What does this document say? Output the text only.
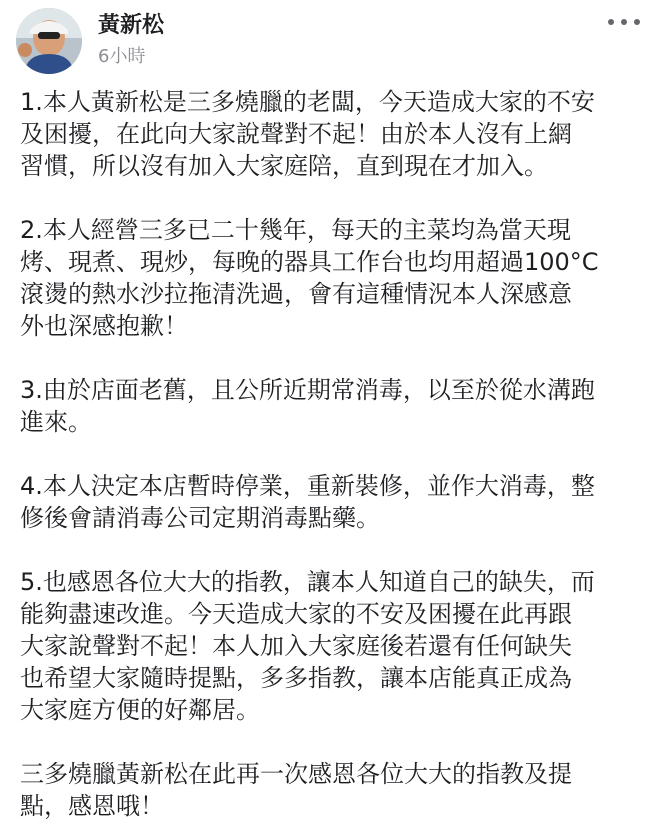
黃新松
6小時
1.本人黃新松是三多燒臘的老闆，今天造成大家的不安
及困擾，在此向大家說聲對不起！由於本人沒有上網
習慣，所以沒有加入大家庭陪，直到現在才加入。
2.本人經營三多已二十幾年，每天的主菜均為當天現
烤、現煮、現炒，每晚的器具工作台也均用超過100°C
滾燙的熱水沙拉拖清洗過，會有這種情況本人深感意
外也深感抱歉！
3.由於店面老舊，且公所近期常消毒，以至於從水溝跑
進來。
4.本人決定本店暫時停業，重新裝修，並作大消毒，整
修後會請消毒公司定期消毒點藥。
5.也感恩各位大大的指教，讓本人知道自己的缺失，而
能夠盡速改進。今天造成大家的不安及困擾在此再跟
大家說聲對不起！本人加入大家庭後若還有任何缺失
也希望大家隨時提點，多多指教，讓本店能真正成為
大家庭方便的好鄰居。
三多燒臘黃新松在此再一次感恩各位大大的指教及提
點，感恩哦！
